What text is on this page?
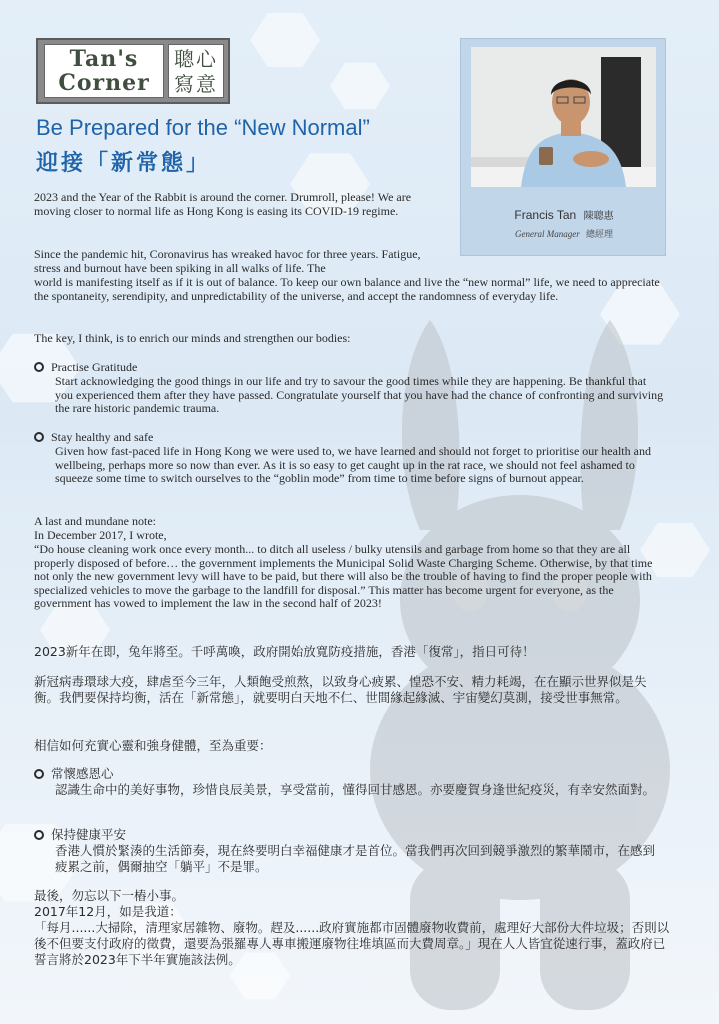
Tan's
Corner
聰心
寫意
Be Prepared for the “New Normal”
迎接「新常態」
Francis Tan 陳聰惠
General Manager 總經理
2023 and the Year of the Rabbit is around the corner. Drumroll, please! We are moving closer to normal life as Hong Kong is easing its COVID-19 regime.
Since the pandemic hit, Coronavirus has wreaked havoc for three years. Fatigue, stress and burnout have been spiking in all walks of life. The
world is manifesting itself as if it is out of balance. To keep our own balance and live the “new normal” life, we need to appreciate the spontaneity, serendipity, and unpredictability of the universe, and accept the randomness of everyday life.
The key, I think, is to enrich our minds and strengthen our bodies:
Practise Gratitude
Start acknowledging the good things in our life and try to savour the good times while they are happening. Be thankful that you experienced them after they have passed. Congratulate yourself that you have had the chance of confronting and surviving the rare historic pandemic trauma.
Stay healthy and safe
Given how fast-paced life in Hong Kong we were used to, we have learned and should not forget to prioritise our health and wellbeing, perhaps more so now than ever. As it is so easy to get caught up in the rat race, we should not feel ashamed to squeeze some time to switch ourselves to the “goblin mode” from time to time before signs of burnout appear.
A last and mundane note:
In December 2017, I wrote,
“Do house cleaning work once every month... to ditch all useless / bulky utensils and garbage from home so that they are all properly disposed of before… the government implements the Municipal Solid Waste Charging Scheme. Otherwise, by that time not only the new government levy will have to be paid, but there will also be the trouble of having to find the proper people with specialized vehicles to move the garbage to the landfill for disposal.” This matter has become urgent for everyone, as the government has vowed to implement the law in the second half of 2023!
2023新年在即，兔年將至。千呼萬喚，政府開始放寬防疫措施，香港「復常」，指日可待！
新冠病毒環球大疫，肆虐至今三年，人類飽受煎熬，以致身心疲累、惶恐不安、精力耗竭，在在顯示世界似是失衡。我們要保持均衡，活在「新常態」，就要明白天地不仁、世間緣起緣滅、宇宙變幻莫測，接受世事無常。
相信如何充實心靈和強身健體，至為重要：
常懷感恩心
認識生命中的美好事物，珍惜良辰美景，享受當前，懂得回甘感恩。亦要慶賀身逢世紀疫災，有幸安然面對。
保持健康平安
香港人慣於緊湊的生活節奏，現在終要明白幸福健康才是首位。當我們再次回到競爭激烈的繁華鬧市，在感到疲累之前，偶爾抽空「躺平」不是罪。
最後，勿忘以下一樁小事。
2017年12月，如是我道：
「每月......大掃除，清理家居雜物、廢物。趕及......政府實施都市固體廢物收費前，處理好大部份大件垃圾；否則以後不但要支付政府的徵費，還要為張羅專人專車搬運廢物往堆填區而大費周章。」現在人人皆宜從速行事，蓋政府已誓言將於2023年下半年實施該法例。
